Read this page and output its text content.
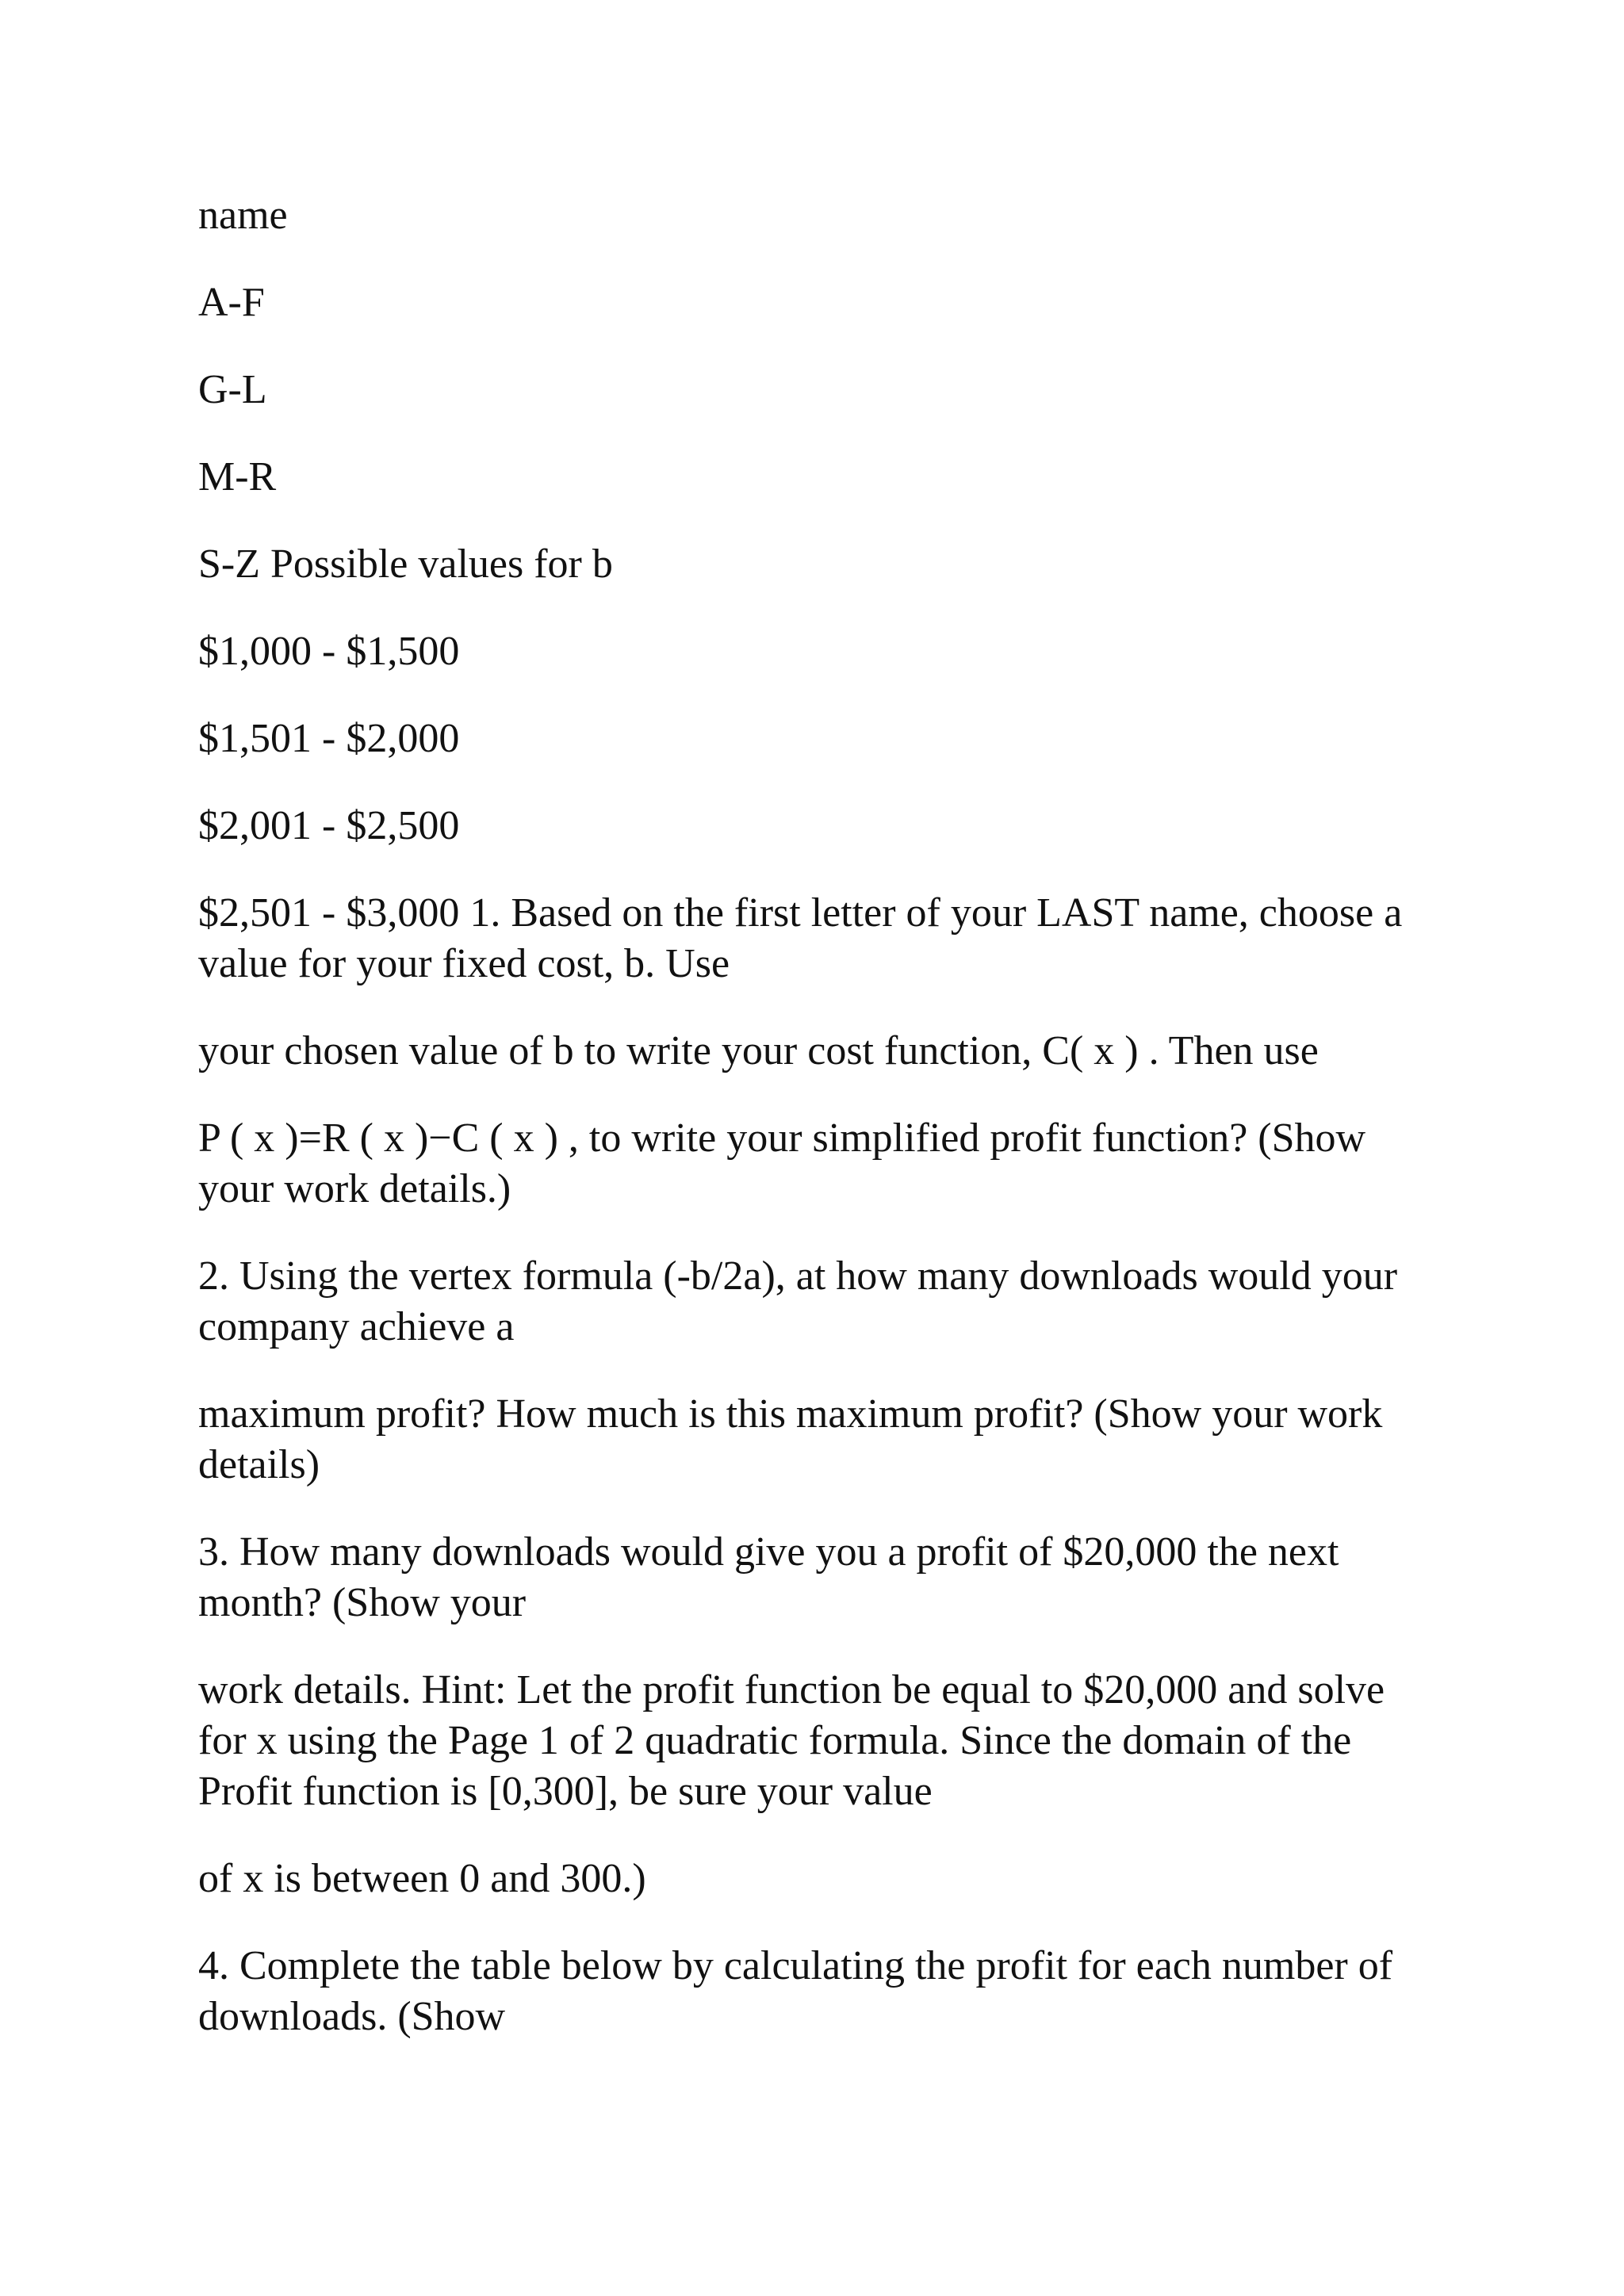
name

A-F

G-L

M-R

S-Z Possible values for b

$1,000 - $1,500

$1,501 - $2,000

$2,001 - $2,500

$2,501 - $3,000 1. Based on the first letter of your LAST name, choose a value for your fixed cost, b. Use

your chosen value of b to write your cost function, C( x ) . Then use

P ( x )=R ( x )−C ( x ) , to write your simplified profit function? (Show your work details.)

2. Using the vertex formula (-b/2a), at how many downloads would your company achieve a

maximum profit? How much is this maximum profit? (Show your work details)

3. How many downloads would give you a profit of $20,000 the next month? (Show your

work details. Hint: Let the profit function be equal to $20,000 and solve for x using the Page 1 of 2 quadratic formula. Since the domain of the Profit function is [0,300], be sure your value

of x is between 0 and 300.)

4. Complete the table below by calculating the profit for each number of downloads. (Show
